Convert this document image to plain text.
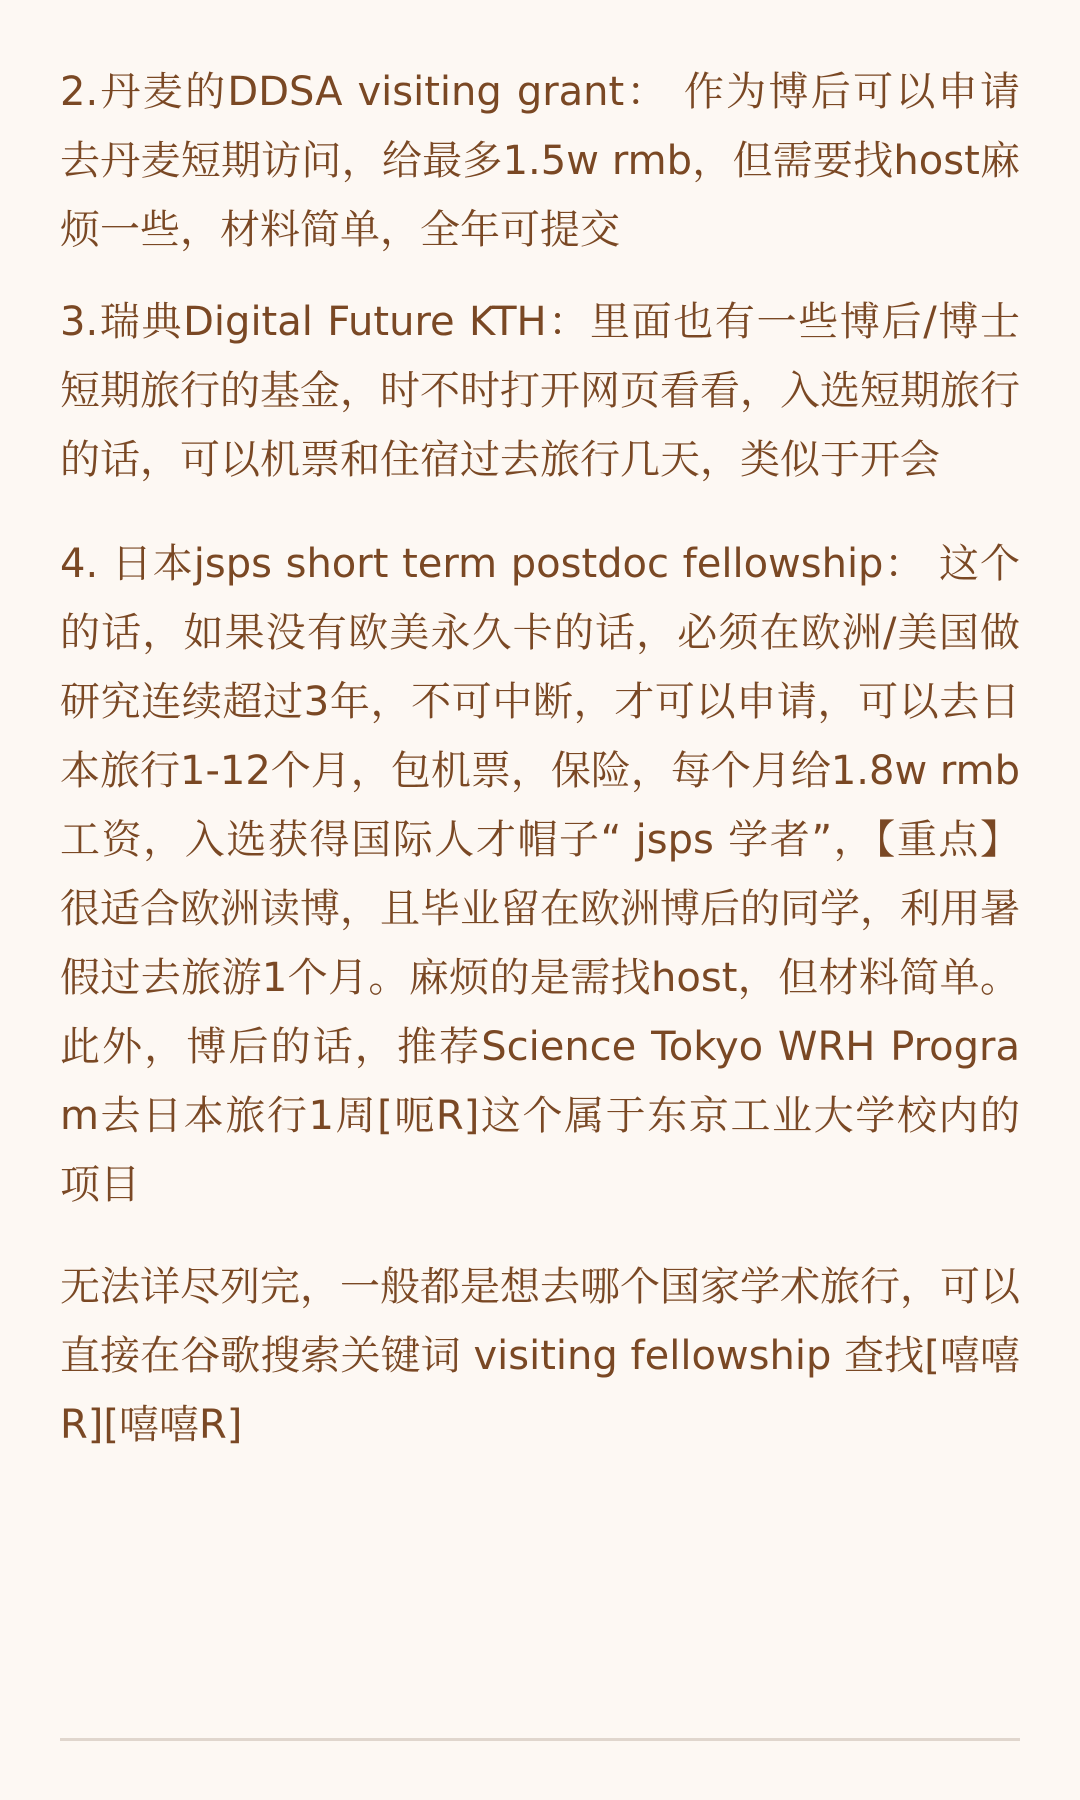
2.丹麦的DDSA visiting grant： 作为博后可以申请去丹麦短期访问，给最多1.5w rmb，但需要找host麻烦一些，材料简单，全年可提交

3.瑞典Digital Future KTH：里面也有一些博后/博士短期旅行的基金，时不时打开网页看看，入选短期旅行的话，可以机票和住宿过去旅行几天，类似于开会

4. 日本jsps short term postdoc fellowship： 这个的话，如果没有欧美永久卡的话，必须在欧洲/美国做研究连续超过3年，不可中断，才可以申请，可以去日本旅行1-12个月，包机票，保险，每个月给1.8w rmb工资，入选获得国际人才帽子“ jsps 学者”，【重点】很适合欧洲读博，且毕业留在欧洲博后的同学，利用暑假过去旅游1个月。麻烦的是需找host，但材料简单。此外，博后的话，推荐Science Tokyo WRH Program去日本旅行1周[呃R]这个属于东京工业大学校内的项目

无法详尽列完，一般都是想去哪个国家学术旅行，可以直接在谷歌搜索关键词 visiting fellowship 查找[嘻嘻R][嘻嘻R]
